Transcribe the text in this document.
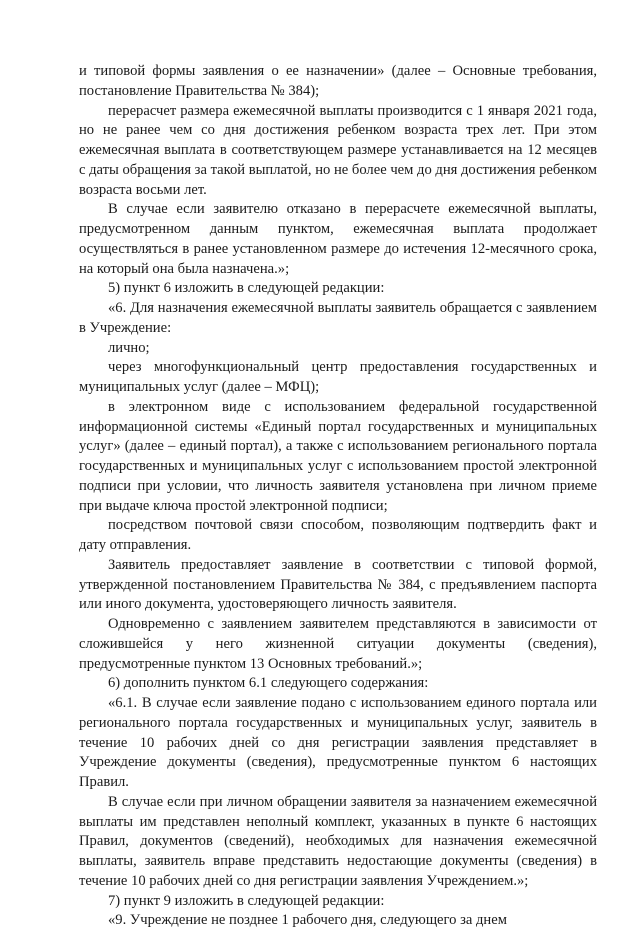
и типовой формы заявления о ее назначении» (далее – Основные требования, постановление Правительства № 384);

перерасчет размера ежемесячной выплаты производится с 1 января 2021 года, но не ранее чем со дня достижения ребенком возраста трех лет. При этом ежемесячная выплата в соответствующем размере устанавливается на 12 месяцев с даты обращения за такой выплатой, но не более чем до дня достижения ребенком возраста восьми лет.

В случае если заявителю отказано в перерасчете ежемесячной выплаты, предусмотренном данным пунктом, ежемесячная выплата продолжает осуществляться в ранее установленном размере до истечения 12-месячного срока, на который она была назначена.»;

5) пункт 6 изложить в следующей редакции:

«6. Для назначения ежемесячной выплаты заявитель обращается с заявлением в Учреждение:

лично;

через многофункциональный центр предоставления государственных и муниципальных услуг (далее – МФЦ);

в электронном виде с использованием федеральной государственной информационной системы «Единый портал государственных и муниципальных услуг» (далее – единый портал), а также с использованием регионального портала государственных и муниципальных услуг с использованием простой электронной подписи при условии, что личность заявителя установлена при личном приеме при выдаче ключа простой электронной подписи;

посредством почтовой связи способом, позволяющим подтвердить факт и дату отправления.

Заявитель предоставляет заявление в соответствии с типовой формой, утвержденной постановлением Правительства № 384, с предъявлением паспорта или иного документа, удостоверяющего личность заявителя.

Одновременно с заявлением заявителем представляются в зависимости от сложившейся у него жизненной ситуации документы (сведения), предусмотренные пунктом 13 Основных требований.»;

6) дополнить пунктом 6.1 следующего содержания:

«6.1. В случае если заявление подано с использованием единого портала или регионального портала государственных и муниципальных услуг, заявитель в течение 10 рабочих дней со дня регистрации заявления представляет в Учреждение документы (сведения), предусмотренные пунктом 6 настоящих Правил.

В случае если при личном обращении заявителя за назначением ежемесячной выплаты им представлен неполный комплект, указанных в пункте 6 настоящих Правил, документов (сведений), необходимых для назначения ежемесячной выплаты, заявитель вправе представить недостающие документы (сведения) в течение 10 рабочих дней со дня регистрации заявления Учреждением.»;

7) пункт 9 изложить в следующей редакции:

«9. Учреждение не позднее 1 рабочего дня, следующего за днем
